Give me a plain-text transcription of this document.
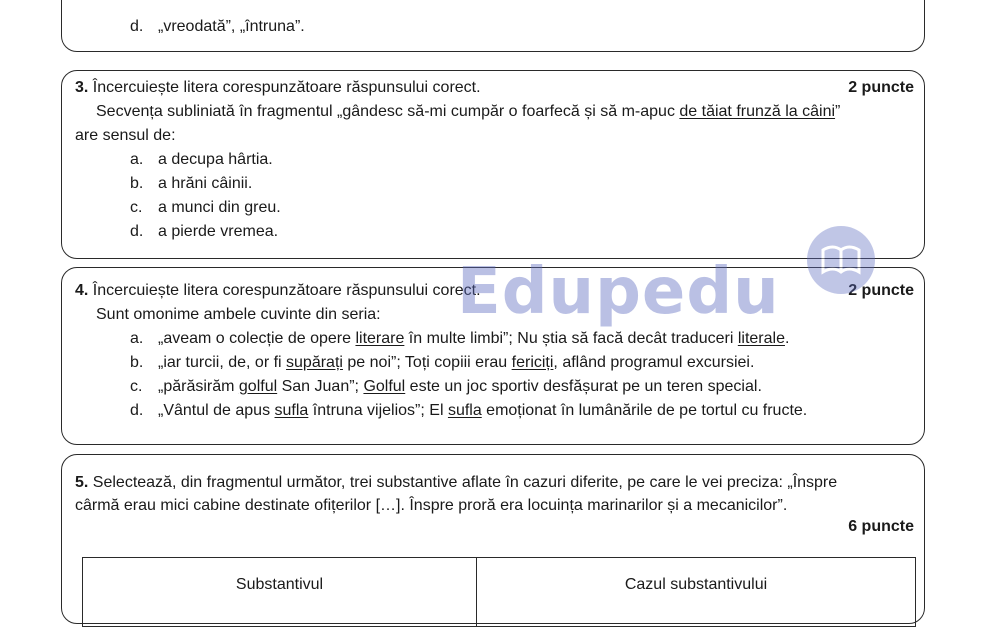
d. „vreodată”, „întruna”.
3. Încercuiește litera corespunzătoare răspunsului corect.	2 puncte
Secvența subliniată în fragmentul „gândesc să-mi cumpăr o foarfecă și să m-apuc de tăiat frunză la câini”
are sensul de:
a. a decupa hârtia.
b. a hrăni câinii.
c. a munci din greu.
d. a pierde vremea.
4. Încercuiește litera corespunzătoare răspunsului corect.	2 puncte
Sunt omonime ambele cuvinte din seria:
a. „aveam o colecție de opere literare în multe limbi”; Nu știa să facă decât traduceri literale.
b. „iar turcii, de, or fi supărați pe noi”; Toți copiii erau fericiți, aflând programul excursiei.
c. „părăsirăm golful San Juan”; Golful este un joc sportiv desfășurat pe un teren special.
d. „Vântul de apus sufla întruna vijelios”; El sufla emoționat în lumânările de pe tortul cu fructe.
5. Selectează, din fragmentul următor, trei substantive aflate în cazuri diferite, pe care le vei preciza: „Înspre
cârmă erau mici cabine destinate ofițerilor […]. Înspre proră era locuința marinarilor și a mecanicilor”.
6 puncte
Substantivul	Cazul substantivului
Edupedu
